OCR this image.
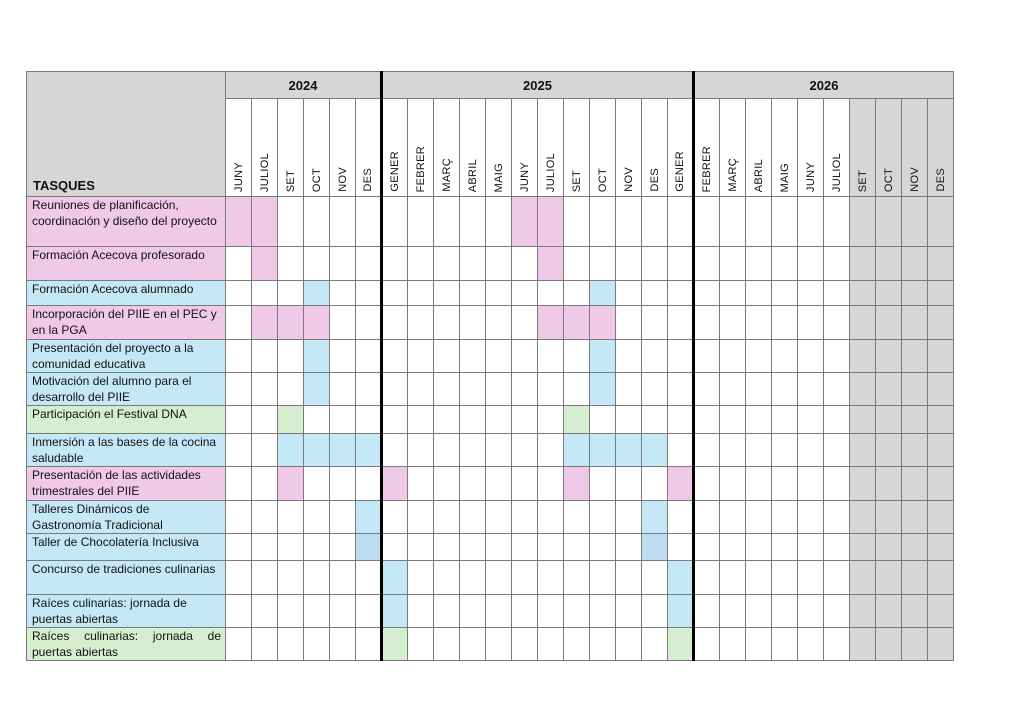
TASQUES	2024						2025												2026									

	JUNY	JULIOL	SET	OCT	NOV	DES	GENER	FEBRER	MARÇ	ABRIL	MAIG	JUNY	JULIOL	SET	OCT	NOV	DES	GENER	FEBRER	MARÇ	ABRIL	MAIG	JUNY	JULIOL	SET	OCT	NOV	DES

Reuniones de planificación, coordinación y diseño del proyecto																												
Formación Acecova profesorado																												
Formación Acecova alumnado																												
Incorporación del PIIE en el PEC y en la PGA																												
Presentación del proyecto a la comunidad educativa																												
Motivación del alumno para el desarrollo del PIIE																												
Participación el Festival DNA																												
Inmersión a las bases de la cocina saludable																												
Presentación de las actividades trimestrales del PIIE																												
Talleres Dinámicos de Gastronomía Tradicional																												
Taller de Chocolatería Inclusiva																												
Concurso de tradiciones culinarias																												
Raíces culinarias: jornada de puertas abiertas																												
Raíces culinarias: jornada de puertas abiertas																												
